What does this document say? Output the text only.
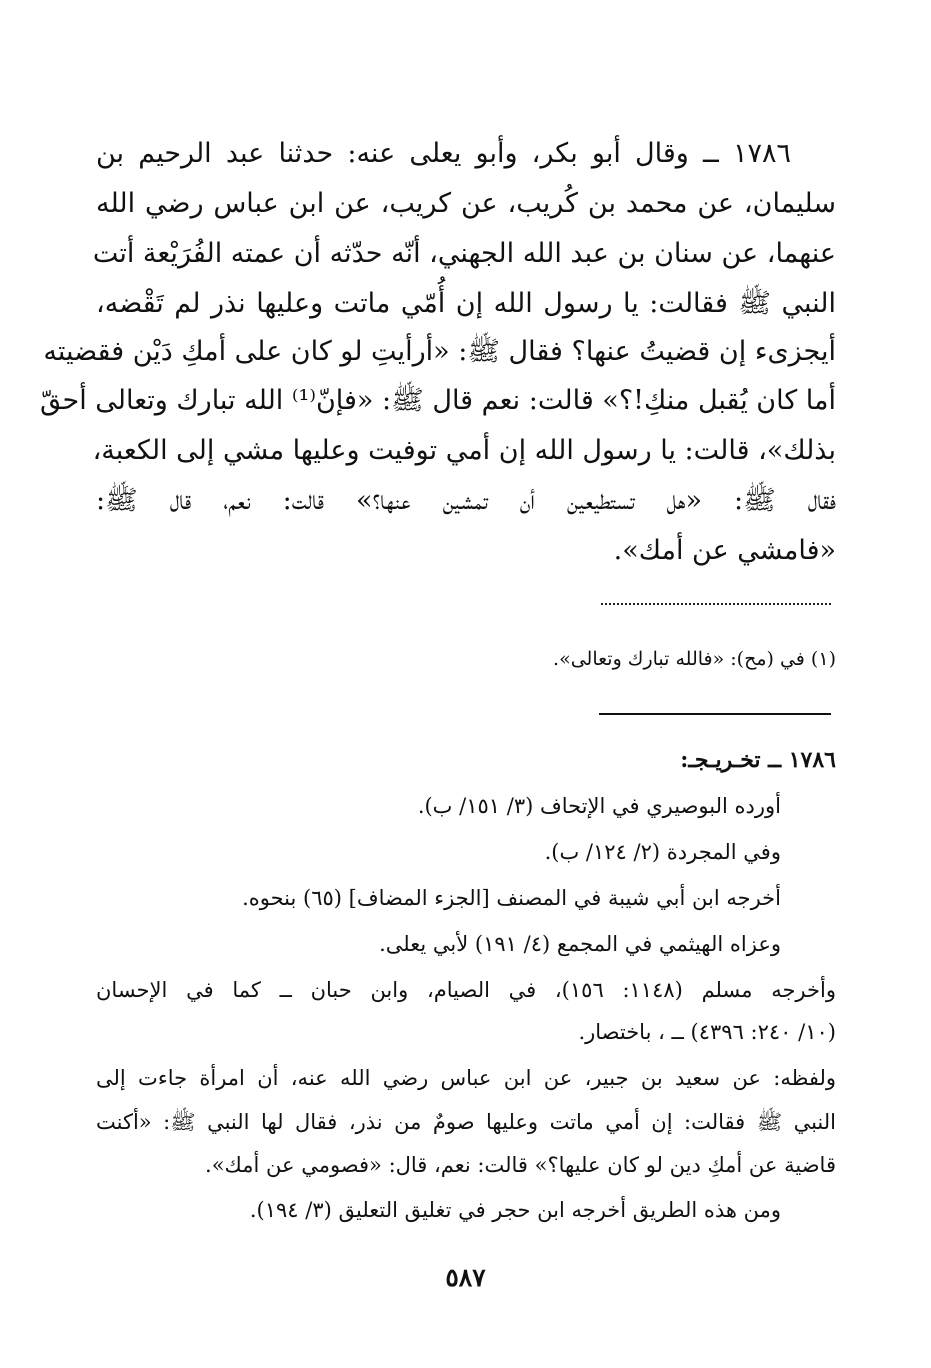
١٧٨٦ ــ وقال أبو بكر، وأبو يعلى عنه: حدثنا عبد الرحيم بن
سليمان، عن محمد بن كُريب، عن كريب، عن ابن عباس رضي الله
عنهما، عن سنان بن عبد الله الجهني، أنّه حدّثه أن عمته الفُرَيْعة أتت
النبي ﷺ فقالت: يا رسول الله إن أُمّي ماتت وعليها نذر لم تَقْضه،
أيجزىء إن قضيتُ عنها؟ فقال ﷺ: «أرأيتِ لو كان على أمكِ دَيْن فقضيته
أما كان يُقبل منكِ!؟» قالت: نعم قال ﷺ: «فإنّ⁽¹⁾ الله تبارك وتعالى أحقّ
بذلك»، قالت: يا رسول الله إن أمي توفيت وعليها مشي إلى الكعبة،
فقال ﷺ: «هل تستطيعين أن تمشين عنها؟» قالت: نعم، قال ﷺ:
«فامشي عن أمك».
(١) في (مح): «فالله تبارك وتعالى».
١٧٨٦ ــ تخـريـجـ:
أورده البوصيري في الإتحاف (٣/ ١٥١/ ب).
وفي المجردة (٢/ ١٢٤/ ب).
أخرجه ابن أبي شيبة في المصنف [الجزء المضاف] (٦٥) بنحوه.
وعزاه الهيثمي في المجمع (٤/ ١٩١) لأبي يعلى.
وأخرجه مسلم (١١٤٨: ١٥٦)، في الصيام، وابن حبان ــ كما في الإحسان
(١٠/ ٢٤٠: ٤٣٩٦) ــ ، باختصار.
ولفظه: عن سعيد بن جبير، عن ابن عباس رضي الله عنه، أن امرأة جاءت إلى
النبي ﷺ فقالت: إن أمي ماتت وعليها صومٌ من نذر، فقال لها النبي ﷺ: «أكنت
قاضية عن أمكِ دين لو كان عليها؟» قالت: نعم، قال: «فصومي عن أمك».
ومن هذه الطريق أخرجه ابن حجر في تغليق التعليق (٣/ ١٩٤).
٥٨٧
